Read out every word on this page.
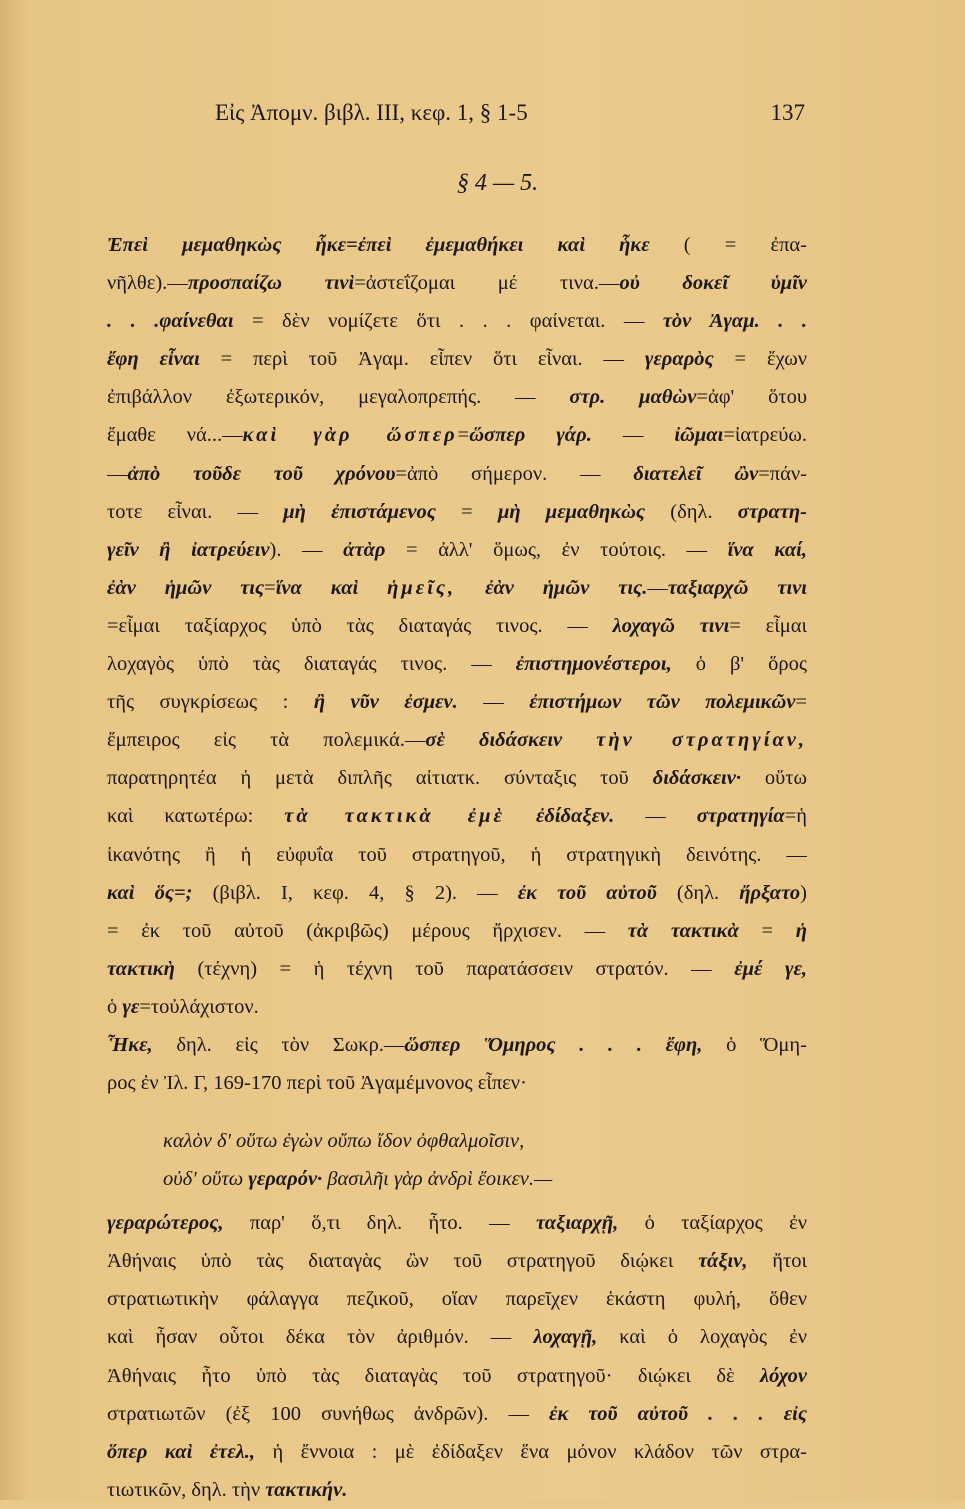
Εἰς Ἀπομν. βιβλ. III, κεφ. 1, § 1-5	137
§ 4 — 5.
Ἐπεὶ μεμαθηκὼς ἧκε=ἐπεὶ ἐμεμαθήκει καὶ ἧκε ( = ἐπα-
νῆλθε).—προσπαίζω τινὶ=ἀστεΐζομαι μέ τινα.—οὐ δοκεῖ ὑμῖν
. . .φαίνεθαι = δὲν νομίζετε ὅτι . . . φαίνεται. — τὸν Ἀγαμ. . .
ἔφη εἶναι = περὶ τοῦ Ἀγαμ. εἶπεν ὅτι εἶναι. — γεραρὸς = ἔχων
ἐπιβάλλον ἐξωτερικόν, μεγαλοπρεπής. — στρ. μαθὼν=ἀφ' ὅτου
ἔμαθε νά...—καὶ γὰρ ὥσπερ=ὥσπερ γάρ. — ἰῶμαι=ἰατρεύω.
—ἀπὸ τοῦδε τοῦ χρόνου=ἀπὸ σήμερον. — διατελεῖ ὢν=πάν-
τοτε εἶναι. — μὴ ἐπιστάμενος = μὴ μεμαθηκὼς (δηλ. στρατη-
γεῖν ἢ ἰατρεύειν). — ἀτὰρ = ἀλλ' ὅμως, ἐν τούτοις. — ἵνα καί,
ἐὰν ἡμῶν τις=ἵνα καὶ ἡμεῖς, ἐὰν ἡμῶν τις.—ταξιαρχῶ τινι
=εἶμαι ταξίαρχος ὑπὸ τὰς διαταγάς τινος. — λοχαγῶ τινι= εἶμαι
λοχαγὸς ὑπὸ τὰς διαταγάς τινος. — ἐπιστημονέστεροι, ὁ β' ὅρος
τῆς συγκρίσεως : ἢ νῦν ἐσμεν. — ἐπιστήμων τῶν πολεμικῶν=
ἔμπειρος εἰς τὰ πολεμικά.—σὲ διδάσκειν τὴν στρατηγίαν,
παρατηρητέα ἡ μετὰ διπλῆς αἰτιατκ. σύνταξις τοῦ διδάσκειν· οὕτω
καὶ κατωτέρω: τὰ τακτικὰ ἐμὲ ἐδίδαξεν. — στρατηγία=ἡ
ἱκανότης ἢ ἡ εὐφυΐα τοῦ στρατηγοῦ, ἡ στρατηγικὴ δεινότης. —
καὶ ὅς=; (βιβλ. I, κεφ. 4, § 2). — ἐκ τοῦ αὐτοῦ (δηλ. ἤρξατο)
= ἐκ τοῦ αὐτοῦ (ἀκριβῶς) μέρους ἤρχισεν. — τὰ τακτικὰ = ἡ
τακτικὴ (τέχνη) = ἡ τέχνη τοῦ παρατάσσειν στρατόν. — ἐμέ γε,
ὁ γε=τοὐλάχιστον.
Ἧκε, δηλ. εἰς τὸν Σωκρ.—ὥσπερ Ὅμηρος . . . ἔφη, ὁ Ὅμη-
ρος ἐν Ἰλ. Γ, 169-170 περὶ τοῦ Ἀγαμέμνονος εἶπεν·
καλὸν δ' οὕτω ἐγὼν οὔπω ἴδον ὀφθαλμοῖσιν,
οὐδ' οὕτω γεραρόν· βασιλῆι γὰρ ἀνδρὶ ἔοικεν.—
γεραρώτερος, παρ' ὅ,τι δηλ. ἦτο. — ταξιαρχῇ, ὁ ταξίαρχος ἐν
Ἀθήναις ὑπὸ τὰς διαταγὰς ὢν τοῦ στρατηγοῦ διῴκει τάξιν, ἤτοι
στρατιωτικὴν φάλαγγα πεζικοῦ, οἵαν παρεῖχεν ἑκάστη φυλή, ὅθεν
καὶ ἦσαν οὗτοι δέκα τὸν ἀριθμόν. — λοχαγῇ, καὶ ὁ λοχαγὸς ἐν
Ἀθήναις ἦτο ὑπὸ τὰς διαταγὰς τοῦ στρατηγοῦ· διῴκει δὲ λόχον
στρατιωτῶν (ἐξ 100 συνήθως ἀνδρῶν). — ἐκ τοῦ αὐτοῦ . . . εἰς
ὅπερ καὶ ἐτελ., ἡ ἔννοια : μὲ ἐδίδαξεν ἕνα μόνον κλάδον τῶν στρα-
τιωτικῶν, δηλ. τὴν τακτικήν.
